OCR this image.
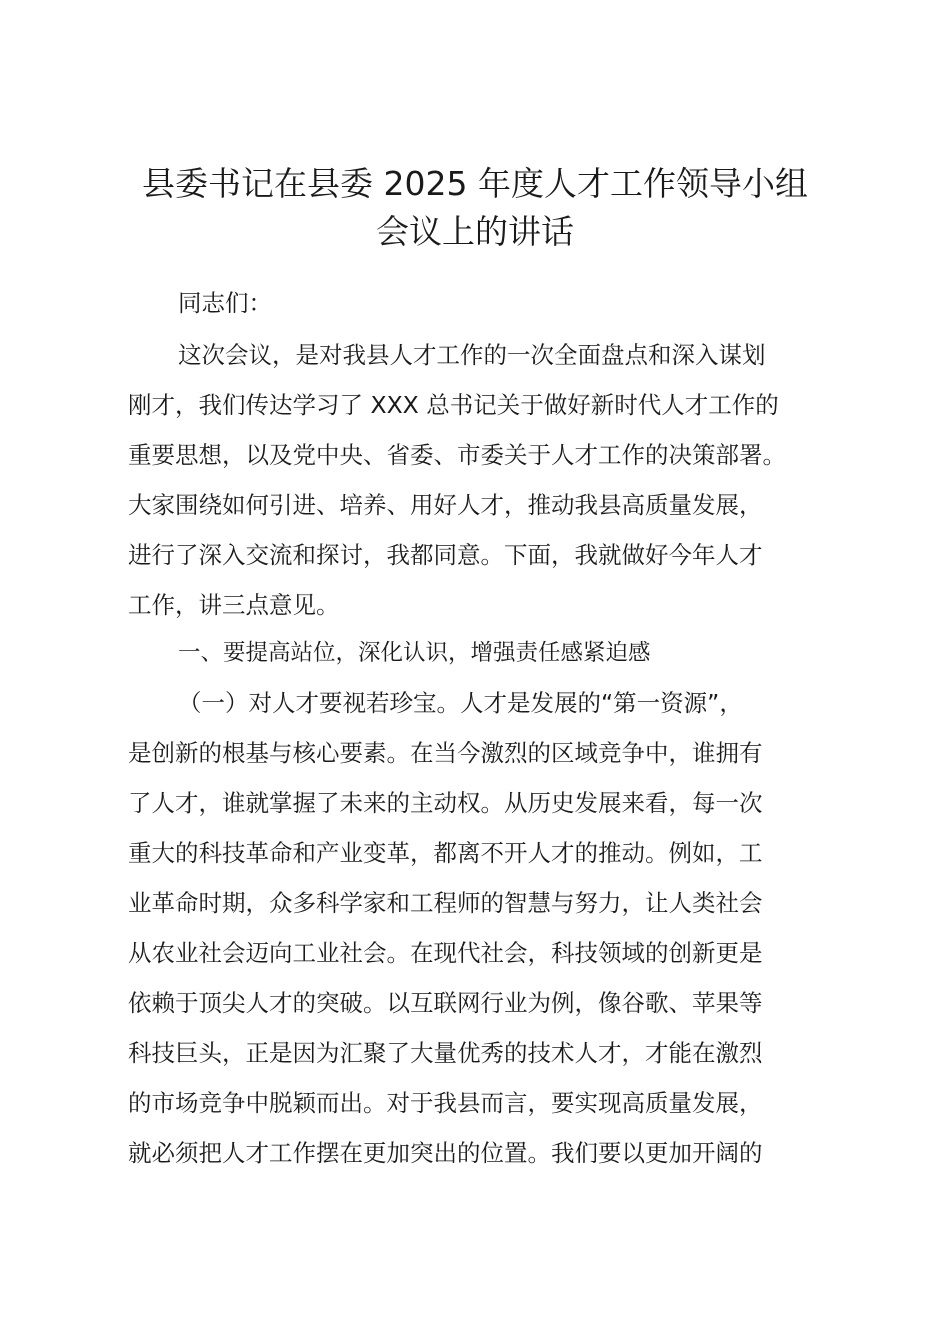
县委书记在县委 2025 年度人才工作领导小组
会议上的讲话

同志们：

这次会议，是对我县人才工作的一次全面盘点和深入谋划

刚才，我们传达学习了 XXX 总书记关于做好新时代人才工作的

重要思想，以及党中央、省委、市委关于人才工作的决策部署。

大家围绕如何引进、培养、用好人才，推动我县高质量发展，

进行了深入交流和探讨，我都同意。下面，我就做好今年人才

工作，讲三点意见。

一、要提高站位，深化认识，增强责任感紧迫感

（一）对人才要视若珍宝。人才是发展的“第一资源”，

是创新的根基与核心要素。在当今激烈的区域竞争中，谁拥有

了人才，谁就掌握了未来的主动权。从历史发展来看，每一次

重大的科技革命和产业变革，都离不开人才的推动。例如，工

业革命时期，众多科学家和工程师的智慧与努力，让人类社会

从农业社会迈向工业社会。在现代社会，科技领域的创新更是

依赖于顶尖人才的突破。以互联网行业为例，像谷歌、苹果等

科技巨头，正是因为汇聚了大量优秀的技术人才，才能在激烈

的市场竞争中脱颖而出。对于我县而言，要实现高质量发展，

就必须把人才工作摆在更加突出的位置。我们要以更加开阔的
